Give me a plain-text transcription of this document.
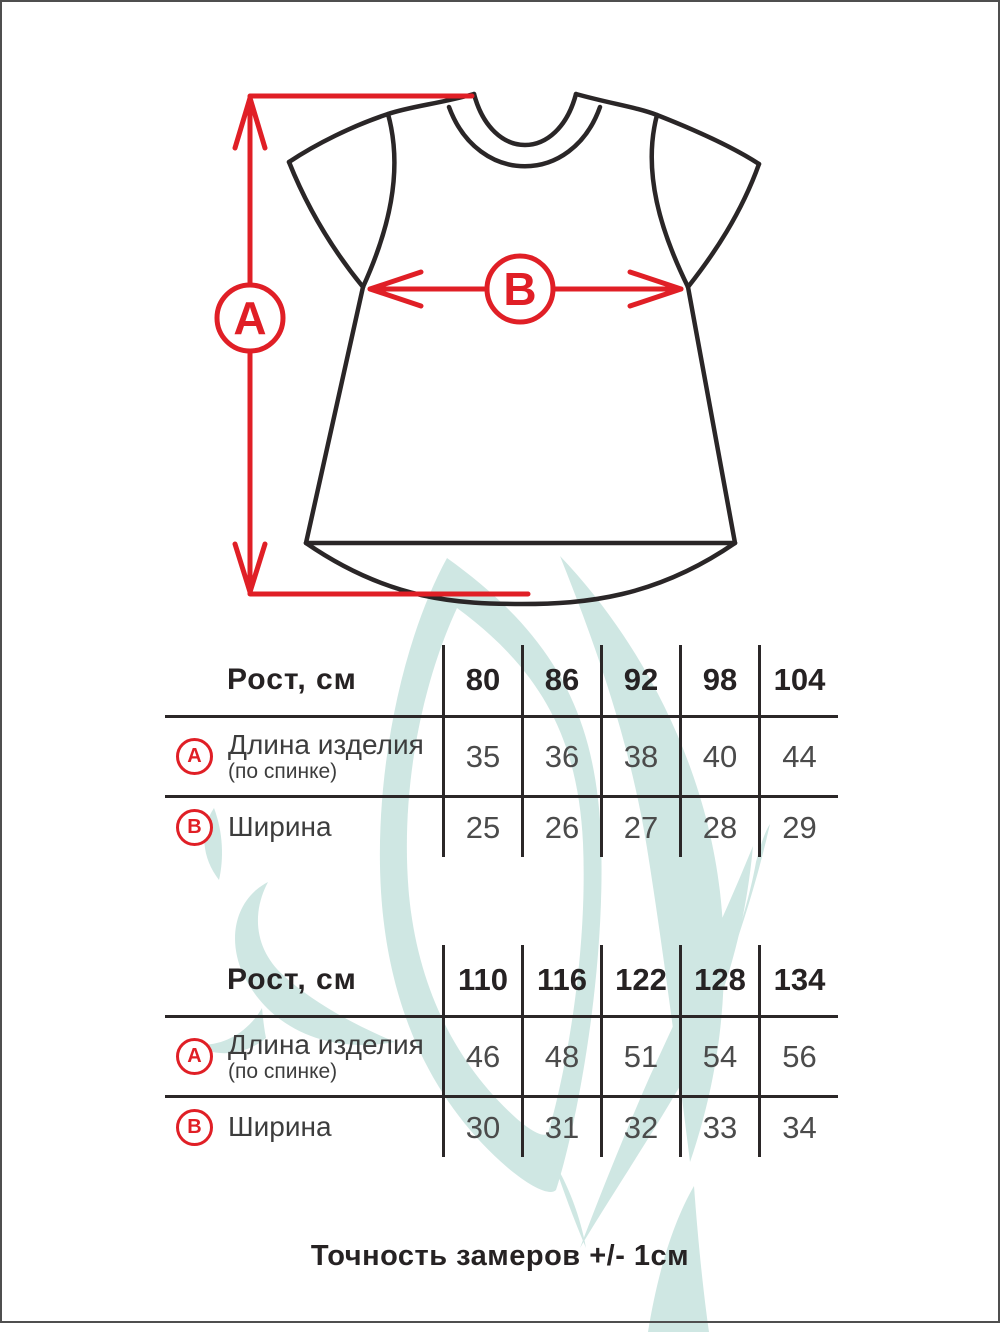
A
B
Рост, см	80	86	92	98	104
A Длина изделия
(по спинке)	35	36	38	40	44
B Ширина	25	26	27	28	29
Рост, см	110 116 122 128 134
A Длина изделия
(по спинке)	46	48	51	54	56
B Ширина	30	31	32	33	34
Точность замеров +/- 1см
